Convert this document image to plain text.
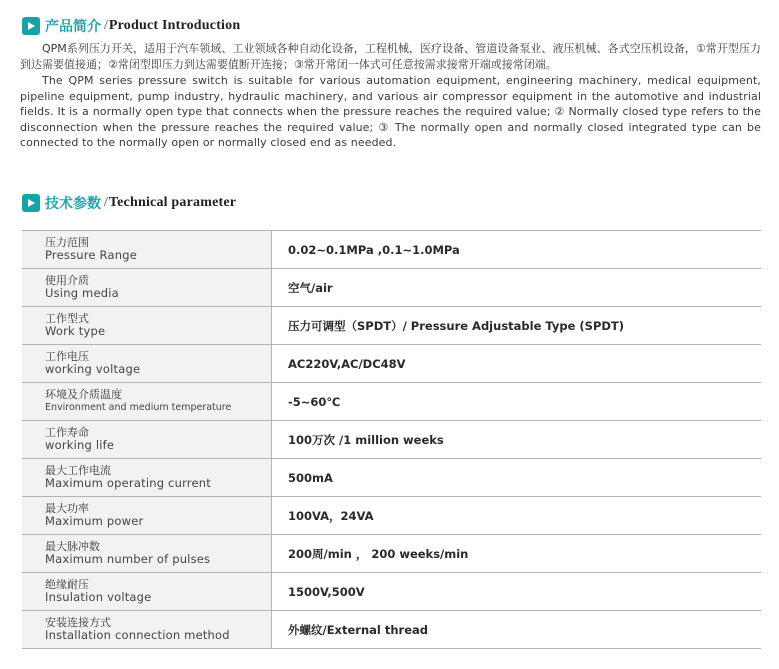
产品简介 / Product Introduction

QPM系列压力开关，适用于汽车领域、工业领域各种自动化设备，工程机械，医疗设备、管道设备泵业、液压机械、各式空压机设备，①常开型压力到达需要值接通；②常闭型即压力到达需要值断开连接；③常开常闭一体式可任意按需求接常开端或接常闭端。

The QPM series pressure switch is suitable for various automation equipment, engineering machinery, medical equipment, pipeline equipment, pump industry, hydraulic machinery, and various air compressor equipment in the automotive and industrial fields. It is a normally open type that connects when the pressure reaches the required value; ② Normally closed type refers to the disconnection when the pressure reaches the required value; ③ The normally open and normally closed integrated type can be connected to the normally open or normally closed end as needed.

技术参数 / Technical parameter
压力范围
Pressure Range	0.02~0.1MPa ,0.1~1.0MPa

使用介质
Using media	空气/air

工作型式
Work type	压力可调型（SPDT）/ Pressure Adjustable Type (SPDT)

工作电压
working voltage	AC220V,AC/DC48V

环境及介质温度
Environment and medium temperature	-5~60℃

工作寿命
working life	100万次 /1 million weeks

最大工作电流
Maximum operating current	500mA

最大功率
Maximum power	100VA，24VA

最大脉冲数
Maximum number of pulses	200周/min ， 200 weeks/min

绝缘耐压
Insulation voltage	1500V,500V

安装连接方式
Installation connection method	外螺纹/External thread
